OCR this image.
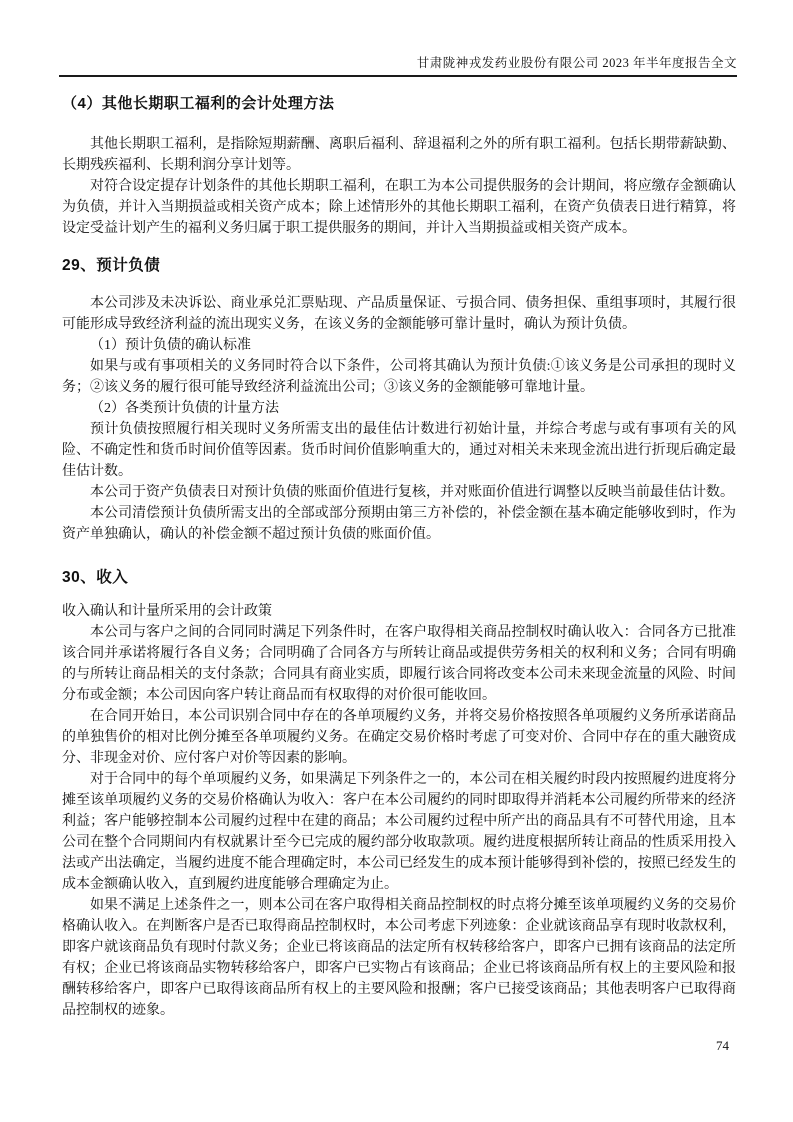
甘肃陇神戎发药业股份有限公司 2023 年半年度报告全文
（4）其他长期职工福利的会计处理方法

其他长期职工福利，是指除短期薪酬、离职后福利、辞退福利之外的所有职工福利。包括长期带薪缺勤、长期残疾福利、长期利润分享计划等。

对符合设定提存计划条件的其他长期职工福利，在职工为本公司提供服务的会计期间，将应缴存金额确认为负债，并计入当期损益或相关资产成本；除上述情形外的其他长期职工福利，在资产负债表日进行精算，将设定受益计划产生的福利义务归属于职工提供服务的期间，并计入当期损益或相关资产成本。

29、预计负债

本公司涉及未决诉讼、商业承兑汇票贴现、产品质量保证、亏损合同、债务担保、重组事项时，其履行很可能形成导致经济利益的流出现实义务，在该义务的金额能够可靠计量时，确认为预计负债。

（1）预计负债的确认标准

如果与或有事项相关的义务同时符合以下条件，公司将其确认为预计负债:①该义务是公司承担的现时义务；②该义务的履行很可能导致经济利益流出公司；③该义务的金额能够可靠地计量。

（2）各类预计负债的计量方法

预计负债按照履行相关现时义务所需支出的最佳估计数进行初始计量，并综合考虑与或有事项有关的风险、不确定性和货币时间价值等因素。货币时间价值影响重大的，通过对相关未来现金流出进行折现后确定最佳估计数。

本公司于资产负债表日对预计负债的账面价值进行复核，并对账面价值进行调整以反映当前最佳估计数。

本公司清偿预计负债所需支出的全部或部分预期由第三方补偿的，补偿金额在基本确定能够收到时，作为资产单独确认，确认的补偿金额不超过预计负债的账面价值。

30、收入

收入确认和计量所采用的会计政策

本公司与客户之间的合同同时满足下列条件时，在客户取得相关商品控制权时确认收入：合同各方已批准该合同并承诺将履行各自义务；合同明确了合同各方与所转让商品或提供劳务相关的权利和义务；合同有明确的与所转让商品相关的支付条款；合同具有商业实质，即履行该合同将改变本公司未来现金流量的风险、时间分布或金额；本公司因向客户转让商品而有权取得的对价很可能收回。

在合同开始日，本公司识别合同中存在的各单项履约义务，并将交易价格按照各单项履约义务所承诺商品的单独售价的相对比例分摊至各单项履约义务。在确定交易价格时考虑了可变对价、合同中存在的重大融资成分、非现金对价、应付客户对价等因素的影响。

对于合同中的每个单项履约义务，如果满足下列条件之一的，本公司在相关履约时段内按照履约进度将分摊至该单项履约义务的交易价格确认为收入：客户在本公司履约的同时即取得并消耗本公司履约所带来的经济利益；客户能够控制本公司履约过程中在建的商品；本公司履约过程中所产出的商品具有不可替代用途，且本公司在整个合同期间内有权就累计至今已完成的履约部分收取款项。履约进度根据所转让商品的性质采用投入法或产出法确定，当履约进度不能合理确定时，本公司已经发生的成本预计能够得到补偿的，按照已经发生的成本金额确认收入，直到履约进度能够合理确定为止。

如果不满足上述条件之一，则本公司在客户取得相关商品控制权的时点将分摊至该单项履约义务的交易价格确认收入。在判断客户是否已取得商品控制权时，本公司考虑下列迹象：企业就该商品享有现时收款权利，即客户就该商品负有现时付款义务；企业已将该商品的法定所有权转移给客户，即客户已拥有该商品的法定所有权；企业已将该商品实物转移给客户，即客户已实物占有该商品；企业已将该商品所有权上的主要风险和报酬转移给客户，即客户已取得该商品所有权上的主要风险和报酬；客户已接受该商品；其他表明客户已取得商品控制权的迹象。

74
